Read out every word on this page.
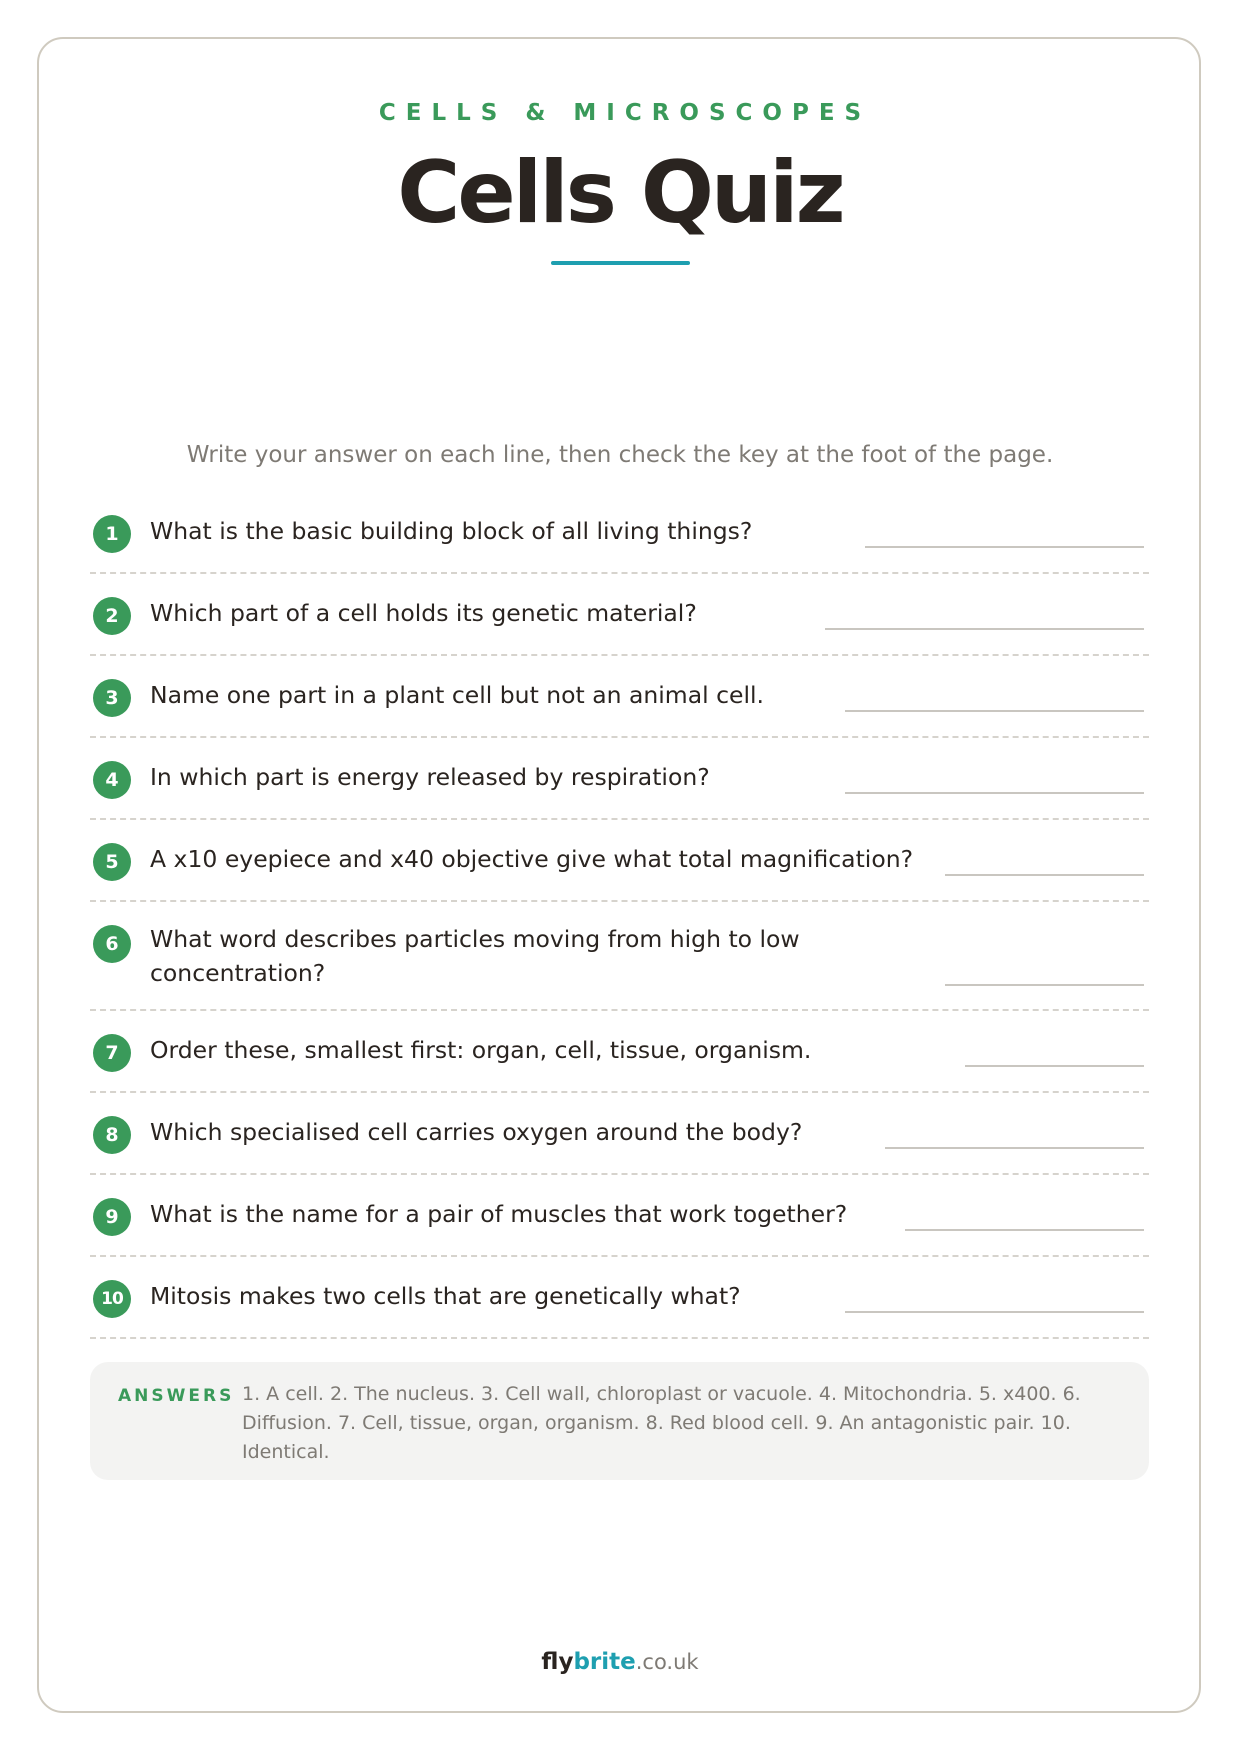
CELLS & MICROSCOPES
Cells Quiz
Write your answer on each line, then check the key at the foot of the page.
1	What is the basic building block of all living things?
2	Which part of a cell holds its genetic material?
3	Name one part in a plant cell but not an animal cell.
4	In which part is energy released by respiration?
5	A x10 eyepiece and x40 objective give what total magnification?
6	What word describes particles moving from high to low concentration?
7	Order these, smallest first: organ, cell, tissue, organism.
8	Which specialised cell carries oxygen around the body?
9	What is the name for a pair of muscles that work together?
10	Mitosis makes two cells that are genetically what?
ANSWERS 1. A cell. 2. The nucleus. 3. Cell wall, chloroplast or vacuole. 4. Mitochondria. 5. x400. 6. Diffusion. 7. Cell, tissue, organ, organism. 8. Red blood cell. 9. An antagonistic pair. 10. Identical.
flybrite.co.uk
